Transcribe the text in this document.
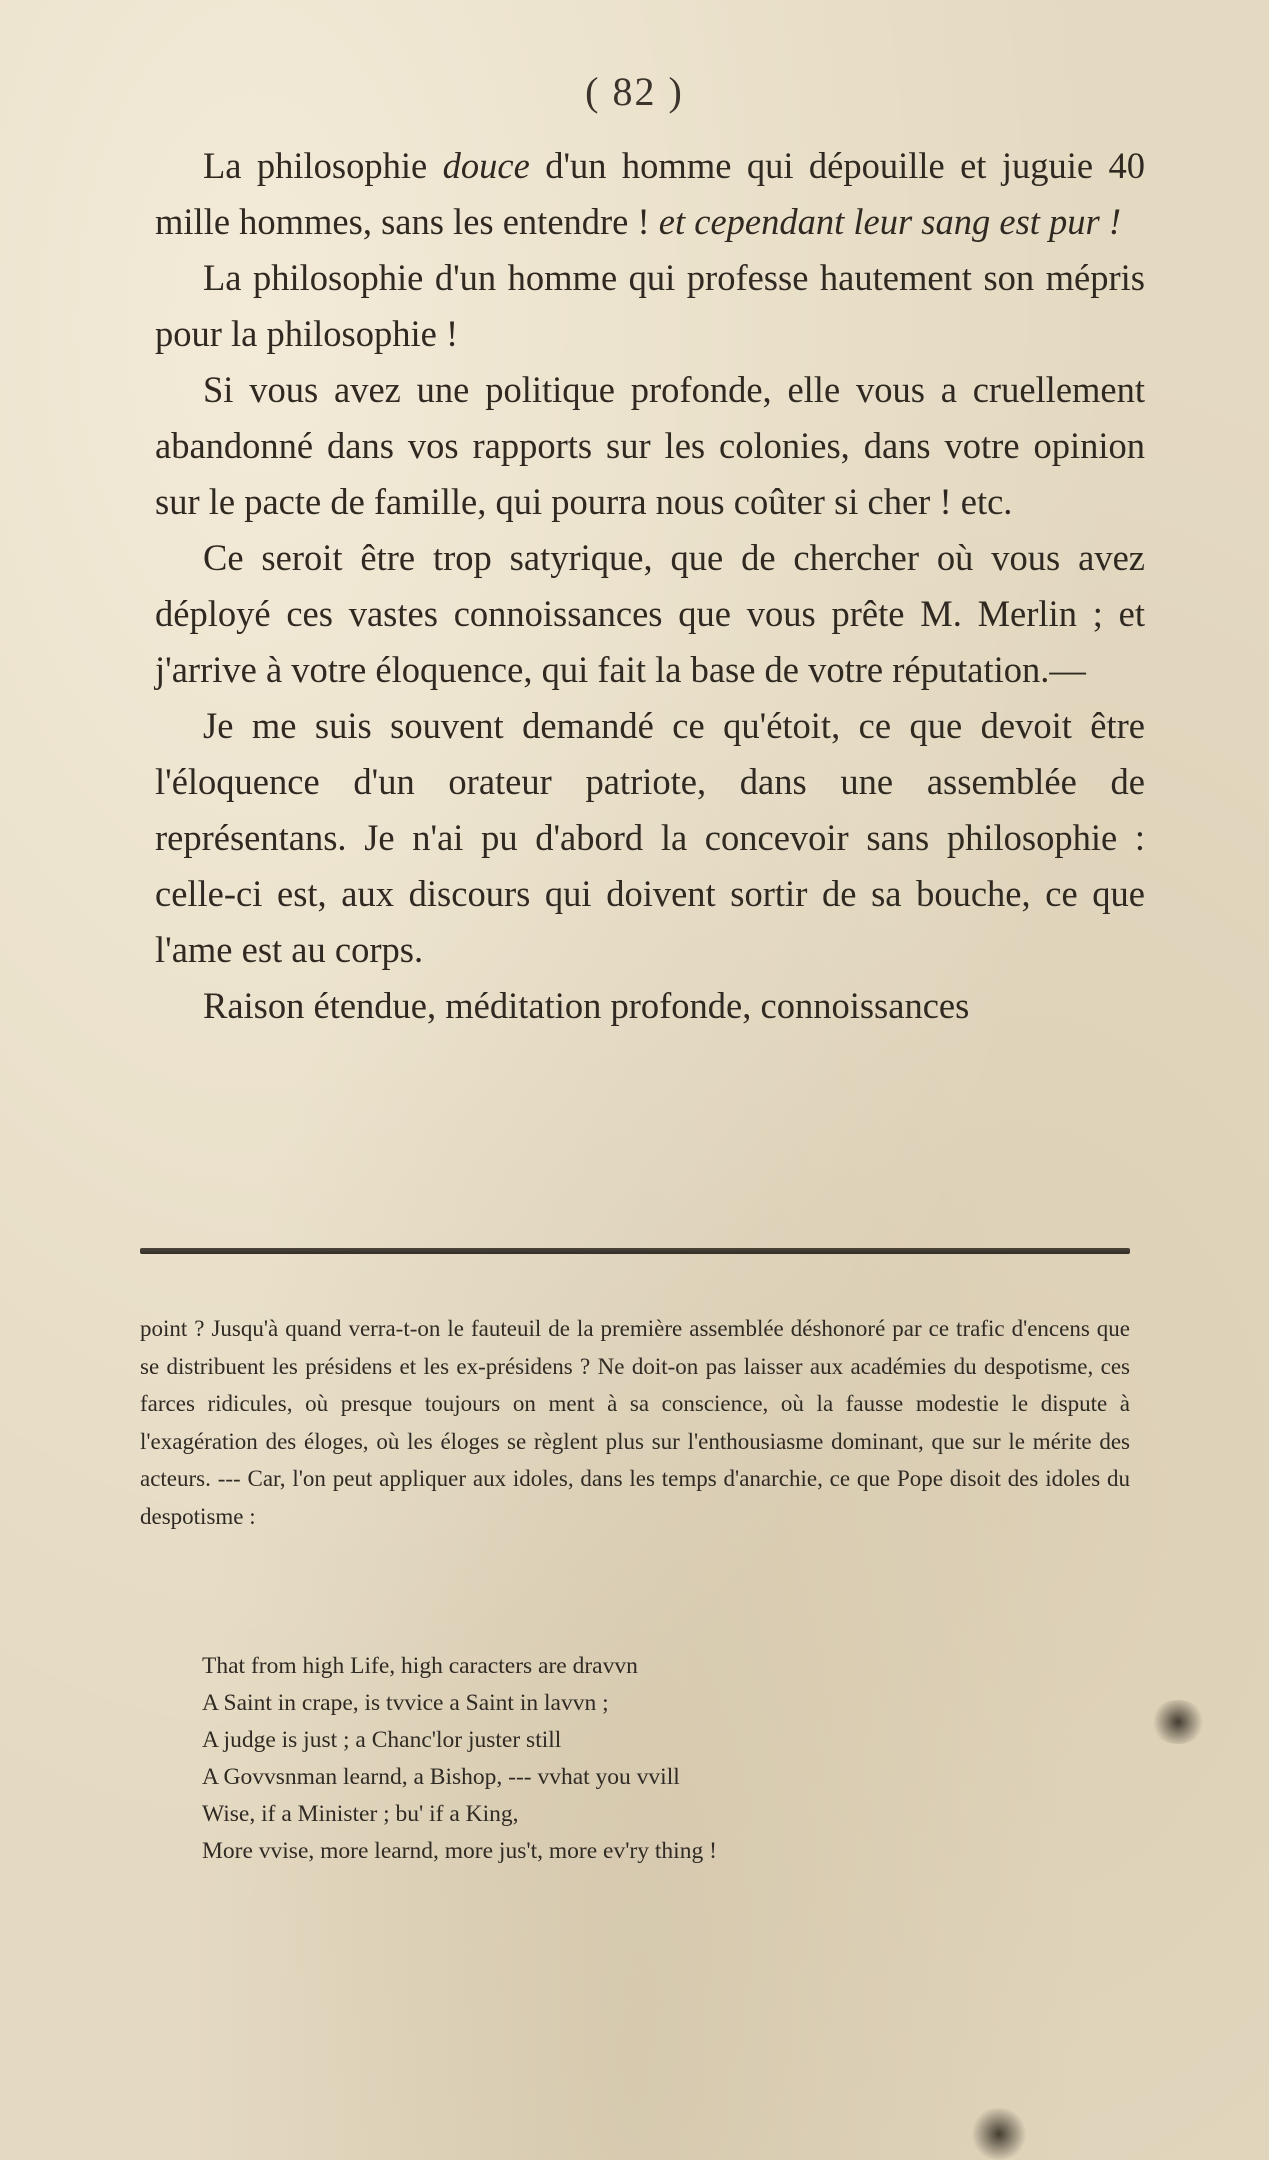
( 82 )

La philosophie douce d'un homme qui dépouille et juguie 40 mille hommes, sans les entendre ! et cependant leur sang est pur !

La philosophie d'un homme qui professe hautement son mépris pour la philosophie !

Si vous avez une politique profonde, elle vous a cruellement abandonné dans vos rapports sur les colonies, dans votre opinion sur le pacte de famille, qui pourra nous coûter si cher ! etc.

Ce seroit être trop satyrique, que de chercher où vous avez déployé ces vastes connoissances que vous prête M. Merlin ; et j'arrive à votre éloquence, qui fait la base de votre réputation.—

Je me suis souvent demandé ce qu'étoit, ce que devoit être l'éloquence d'un orateur patriote, dans une assemblée de représentans. Je n'ai pu d'abord la concevoir sans philosophie : celle-ci est, aux discours qui doivent sortir de sa bouche, ce que l'ame est au corps.

Raison étendue, méditation profonde, connoissances

point ? Jusqu'à quand verra-t-on le fauteuil de la première assemblée déshonoré par ce trafic d'encens que se distribuent les présidens et les ex-présidens ? Ne doit-on pas laisser aux académies du despotisme, ces farces ridicules, où presque toujours on ment à sa conscience, où la fausse modestie le dispute à l'exagération des éloges, où les éloges se règlent plus sur l'enthousiasme dominant, que sur le mérite des acteurs. --- Car, l'on peut appliquer aux idoles, dans les temps d'anarchie, ce que Pope disoit des idoles du despotisme :

That from high Life, high caracters are dravvn
A Saint in crape, is tvvice a Saint in lavvn ;
A judge is just ; a Chanc'lor juster still
A Govvsnman learnd, a Bishop, --- vvhat you vvill
Wise, if a Minister ; bu' if a King,
More vvise, more learnd, more jus't, more ev'ry thing !
